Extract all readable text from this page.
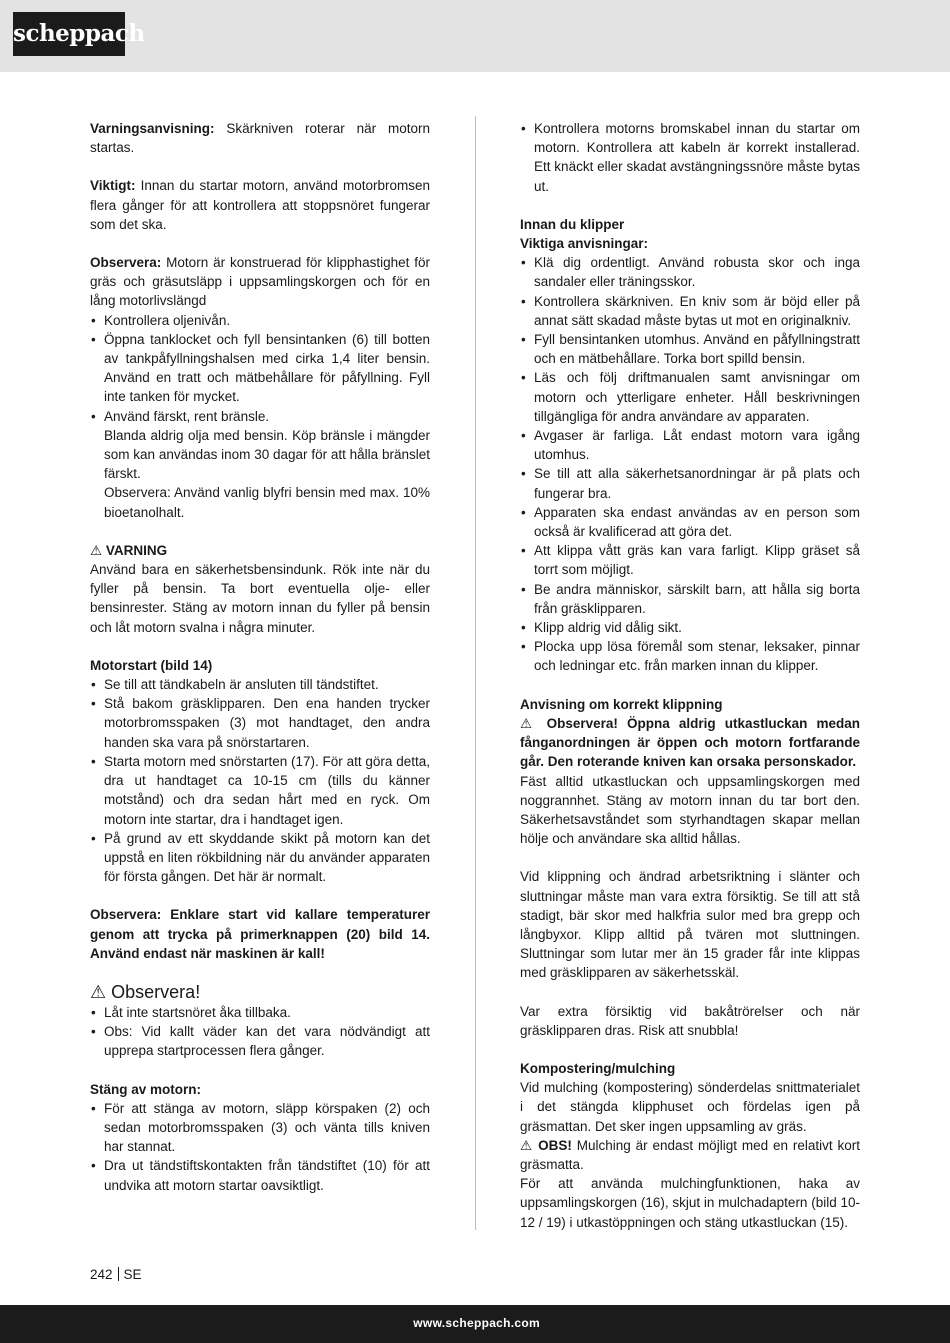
scheppach

Varningsanvisning: Skärkniven roterar när motorn startas.

Viktigt: Innan du startar motorn, använd motorbromsen flera gånger för att kontrollera att stoppsnöret fungerar som det ska.

Observera: Motorn är konstruerad för klipphastighet för gräs och gräsutsläpp i uppsamlingskorgen och för en lång motorlivslängd

• Kontrollera oljenivån.
• Öppna tanklocket och fyll bensintanken (6) till botten av tankpåfyllningshalsen med cirka 1,4 liter bensin. Använd en tratt och mätbehållare för påfyllning. Fyll inte tanken för mycket.
• Använd färskt, rent bränsle.
Blanda aldrig olja med bensin. Köp bränsle i mängder som kan användas inom 30 dagar för att hålla bränslet färskt.
Observera: Använd vanlig blyfri bensin med max. 10% bioetanolhalt.

⚠ VARNING

Använd bara en säkerhetsbensindunk. Rök inte när du fyller på bensin. Ta bort eventuella olje- eller bensinrester. Stäng av motorn innan du fyller på bensin och låt motorn svalna i några minuter.

Motorstart (bild 14)

• Se till att tändkabeln är ansluten till tändstiftet.
• Stå bakom gräsklipparen. Den ena handen trycker motorbromsspaken (3) mot handtaget, den andra handen ska vara på snörstartaren.
• Starta motorn med snörstarten (17). För att göra detta, dra ut handtaget ca 10-15 cm (tills du känner motstånd) och dra sedan hårt med en ryck. Om motorn inte startar, dra i handtaget igen.
• På grund av ett skyddande skikt på motorn kan det uppstå en liten rökbildning när du använder apparaten för första gången. Det här är normalt.

Observera: Enklare start vid kallare temperaturer genom att trycka på primerknappen (20) bild 14. Använd endast när maskinen är kall!

⚠ Observera!
• Låt inte startsnöret åka tillbaka.
• Obs: Vid kallt väder kan det vara nödvändigt att upprepa startprocessen flera gånger.

Stäng av motorn:

• För att stänga av motorn, släpp körspaken (2) och sedan motorbromsspaken (3) och vänta tills kniven har stannat.
• Dra ut tändstiftskontakten från tändstiftet (10) för att undvika att motorn startar oavsiktligt.
• Kontrollera motorns bromskabel innan du startar om motorn. Kontrollera att kabeln är korrekt installerad. Ett knäckt eller skadat avstängningssnöre måste bytas ut.

Innan du klipper

Viktiga anvisningar:

• Klä dig ordentligt. Använd robusta skor och inga sandaler eller träningsskor.
• Kontrollera skärkniven. En kniv som är böjd eller på annat sätt skadad måste bytas ut mot en originalkniv.
• Fyll bensintanken utomhus. Använd en påfyllningstratt och en mätbehållare. Torka bort spilld bensin.
• Läs och följ driftmanualen samt anvisningar om motorn och ytterligare enheter. Håll beskrivningen tillgängliga för andra användare av apparaten.
• Avgaser är farliga. Låt endast motorn vara igång utomhus.
• Se till att alla säkerhetsanordningar är på plats och fungerar bra.
• Apparaten ska endast användas av en person som också är kvalificerad att göra det.
• Att klippa vått gräs kan vara farligt. Klipp gräset så torrt som möjligt.
• Be andra människor, särskilt barn, att hålla sig borta från gräsklipparen.
• Klipp aldrig vid dålig sikt.
• Plocka upp lösa föremål som stenar, leksaker, pinnar och ledningar etc. från marken innan du klipper.

Anvisning om korrekt klippning

⚠ Observera! Öppna aldrig utkastluckan medan fånganordningen är öppen och motorn fortfarande går. Den roterande kniven kan orsaka personskador.

Fäst alltid utkastluckan och uppsamlingskorgen med noggrannhet. Stäng av motorn innan du tar bort den. Säkerhetsavståndet som styrhandtagen skapar mellan hölje och användare ska alltid hållas.

Vid klippning och ändrad arbetsriktning i slänter och sluttningar måste man vara extra försiktig. Se till att stå stadigt, bär skor med halkfria sulor med bra grepp och långbyxor. Klipp alltid på tvären mot sluttningen. Sluttningar som lutar mer än 15 grader får inte klippas med gräsklipparen av säkerhetsskäl.

Var extra försiktig vid bakåtrörelser och när gräsklipparen dras. Risk att snubbla!

Kompostering/mulching

Vid mulching (kompostering) sönderdelas snittmaterialet i det stängda klipphuset och fördelas igen på gräsmattan. Det sker ingen uppsamling av gräs.

⚠ OBS! Mulching är endast möjligt med en relativt kort gräsmatta.

För att använda mulchingfunktionen, haka av uppsamlingskorgen (16), skjut in mulchadaptern (bild 10-12 / 19) i utkastöppningen och stäng utkastluckan (15).

242 SE
www.scheppach.com
